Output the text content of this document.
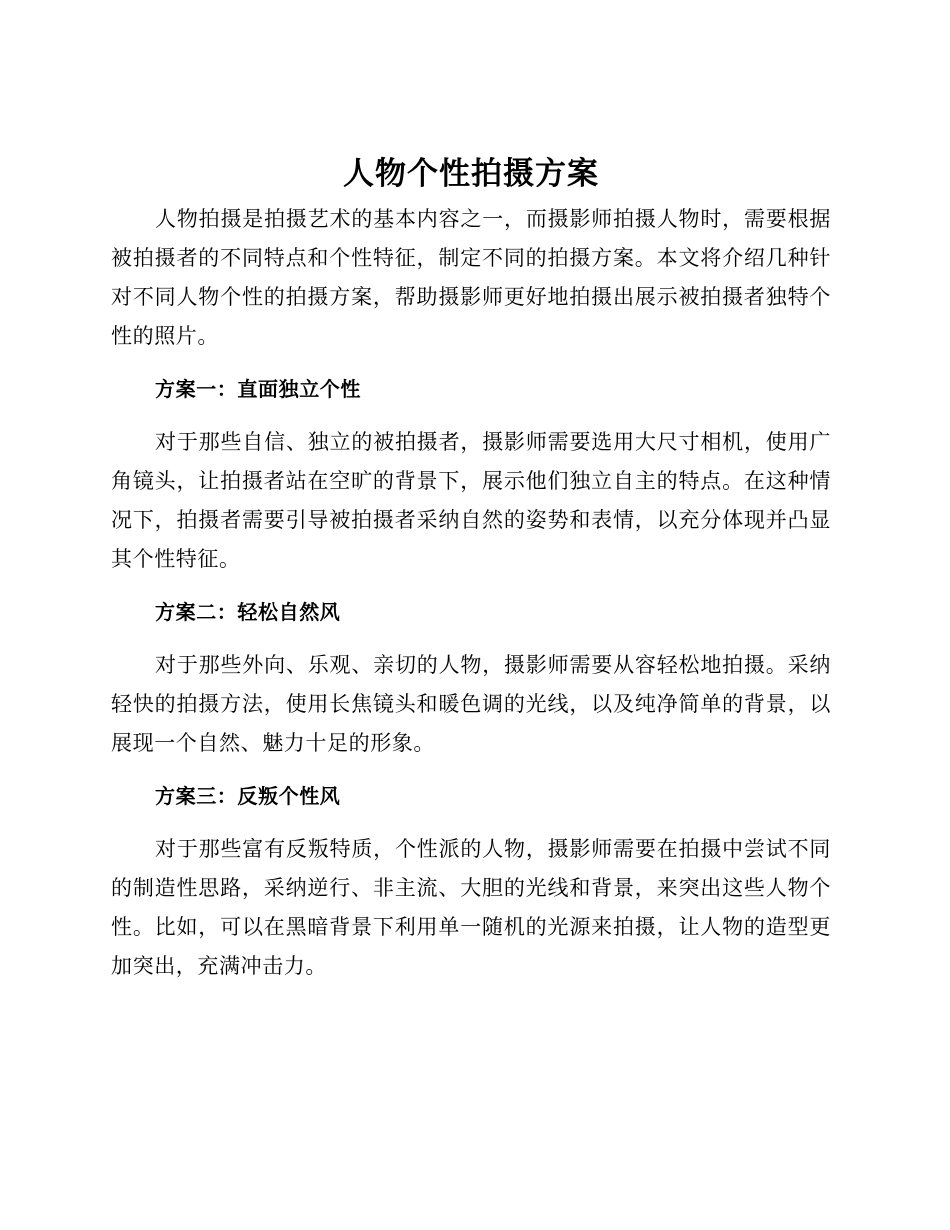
人物个性拍摄方案

人物拍摄是拍摄艺术的基本内容之一，而摄影师拍摄人物时，需要根据被拍摄者的不同特点和个性特征，制定不同的拍摄方案。本文将介绍几种针对不同人物个性的拍摄方案，帮助摄影师更好地拍摄出展示被拍摄者独特个性的照片。

方案一：直面独立个性

对于那些自信、独立的被拍摄者，摄影师需要选用大尺寸相机，使用广角镜头，让拍摄者站在空旷的背景下，展示他们独立自主的特点。在这种情况下，拍摄者需要引导被拍摄者采纳自然的姿势和表情，以充分体现并凸显其个性特征。

方案二：轻松自然风

对于那些外向、乐观、亲切的人物，摄影师需要从容轻松地拍摄。采纳轻快的拍摄方法，使用长焦镜头和暖色调的光线，以及纯净简单的背景，以展现一个自然、魅力十足的形象。

方案三：反叛个性风

对于那些富有反叛特质，个性派的人物，摄影师需要在拍摄中尝试不同的制造性思路，采纳逆行、非主流、大胆的光线和背景，来突出这些人物个性。比如，可以在黑暗背景下利用单一随机的光源来拍摄，让人物的造型更加突出，充满冲击力。
